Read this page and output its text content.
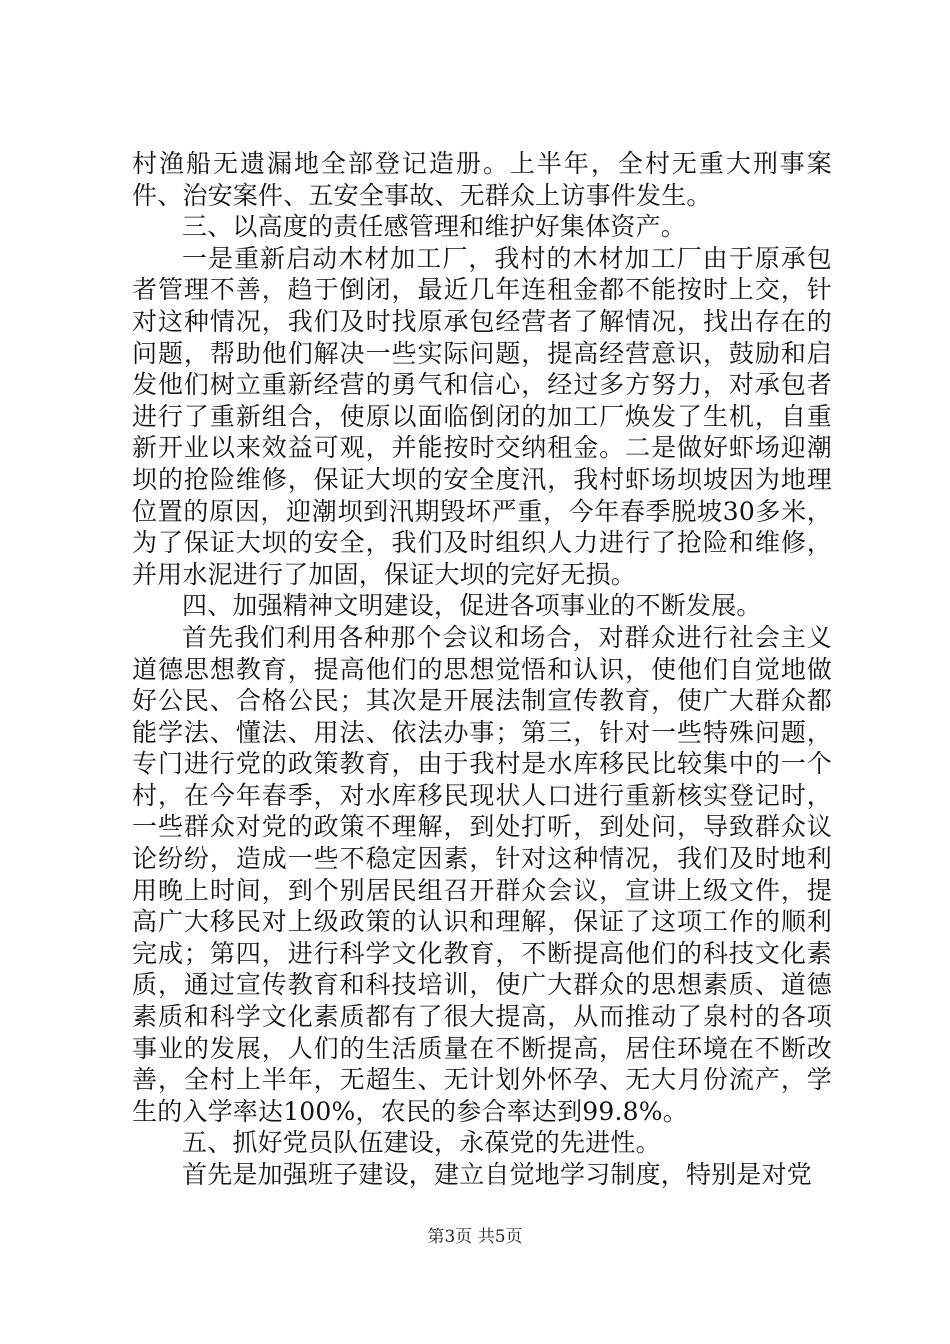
村渔船无遗漏地全部登记造册。上半年，全村无重大刑事案件、治安案件、五安全事故、无群众上访事件发生。

三、以高度的责任感管理和维护好集体资产。

一是重新启动木材加工厂，我村的木材加工厂由于原承包者管理不善，趋于倒闭，最近几年连租金都不能按时上交，针对这种情况，我们及时找原承包经营者了解情况，找出存在的问题，帮助他们解决一些实际问题，提高经营意识，鼓励和启发他们树立重新经营的勇气和信心，经过多方努力，对承包者进行了重新组合，使原以面临倒闭的加工厂焕发了生机，自重新开业以来效益可观，并能按时交纳租金。二是做好虾场迎潮坝的抢险维修，保证大坝的安全度汛，我村虾场坝坡因为地理位置的原因，迎潮坝到汛期毁坏严重，今年春季脱坡30多米，为了保证大坝的安全，我们及时组织人力进行了抢险和维修，并用水泥进行了加固，保证大坝的完好无损。

四、加强精神文明建设，促进各项事业的不断发展。

首先我们利用各种那个会议和场合，对群众进行社会主义道德思想教育，提高他们的思想觉悟和认识，使他们自觉地做好公民、合格公民；其次是开展法制宣传教育，使广大群众都能学法、懂法、用法、依法办事；第三，针对一些特殊问题，专门进行党的政策教育，由于我村是水库移民比较集中的一个村，在今年春季，对水库移民现状人口进行重新核实登记时，一些群众对党的政策不理解，到处打听，到处问，导致群众议论纷纷，造成一些不稳定因素，针对这种情况，我们及时地利用晚上时间，到个别居民组召开群众会议，宣讲上级文件，提高广大移民对上级政策的认识和理解，保证了这项工作的顺利完成；第四，进行科学文化教育，不断提高他们的科技文化素质，通过宣传教育和科技培训，使广大群众的思想素质、道德素质和科学文化素质都有了很大提高，从而推动了泉村的各项事业的发展，人们的生活质量在不断提高，居住环境在不断改善，全村上半年，无超生、无计划外怀孕、无大月份流产，学生的入学率达100%，农民的参合率达到99.8%。

五、抓好党员队伍建设，永葆党的先进性。

首先是加强班子建设，建立自觉地学习制度，特别是对党

第3页 共5页
